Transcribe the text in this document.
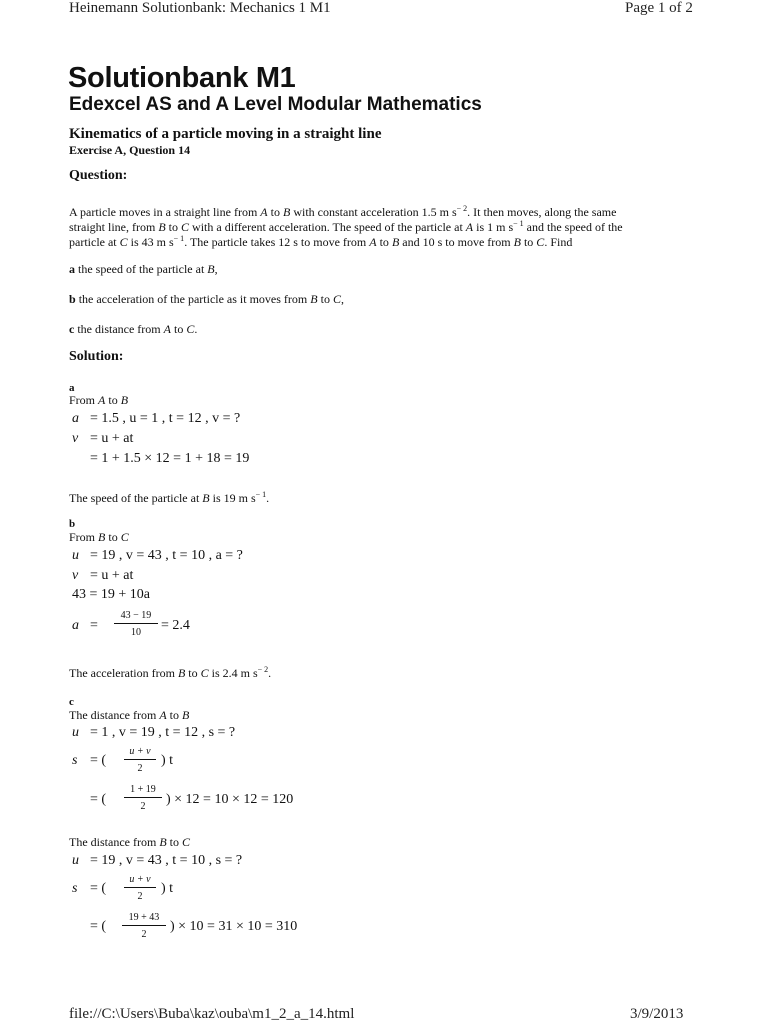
Heinemann Solutionbank: Mechanics 1 M1	Page 1 of 2
Solutionbank M1
Edexcel AS and A Level Modular Mathematics
Kinematics of a particle moving in a straight line
Exercise A, Question 14
Question:
A particle moves in a straight line from A to B with constant acceleration 1.5 m $s^{- 2}$. It then moves, along the same
straight line, from B to C with a different acceleration. The speed of the particle at A is 1 m $s^{- 1}$ and the speed of the
particle at C is 43 m $s^{- 1}$. The particle takes 12 s to move from A to B and 10 s to move from B to C. Find
a the speed of the particle at B,
b the acceleration of the particle as it moves from B to C,
c the distance from A to C.
Solution:
a
From A to B
a = 1.5 , u = 1 , t = 12 , v = ?
v = u + at
= 1 + 1.5 × 12 = 1 + 18 = 19
The speed of the particle at B is 19 m $s^{- 1}$.
b
From B to C
u = 19 , v = 43 , t = 10 , a = ?
v = u + at
43 = 19 + 10a
a =
43 − 19
10	= 2.4
The acceleration from B to C is 2.4 m $s^{- 2}$.
c
The distance from A to B
u = 1 , v = 19 , t = 12 , s = ?
s = (
u + v
2
) t
= (
1 + 19
2	) × 12 = 10 × 12 = 120
The distance from B to C
u = 19 , v = 43 , t = 10 , s = ?
s = (
u + v
2
) t
= (
19 + 43
2
) × 10 = 31 × 10 = 310
file://C:\Users\Buba\kaz\ouba\m1_2_a_14.html	3/9/2013
